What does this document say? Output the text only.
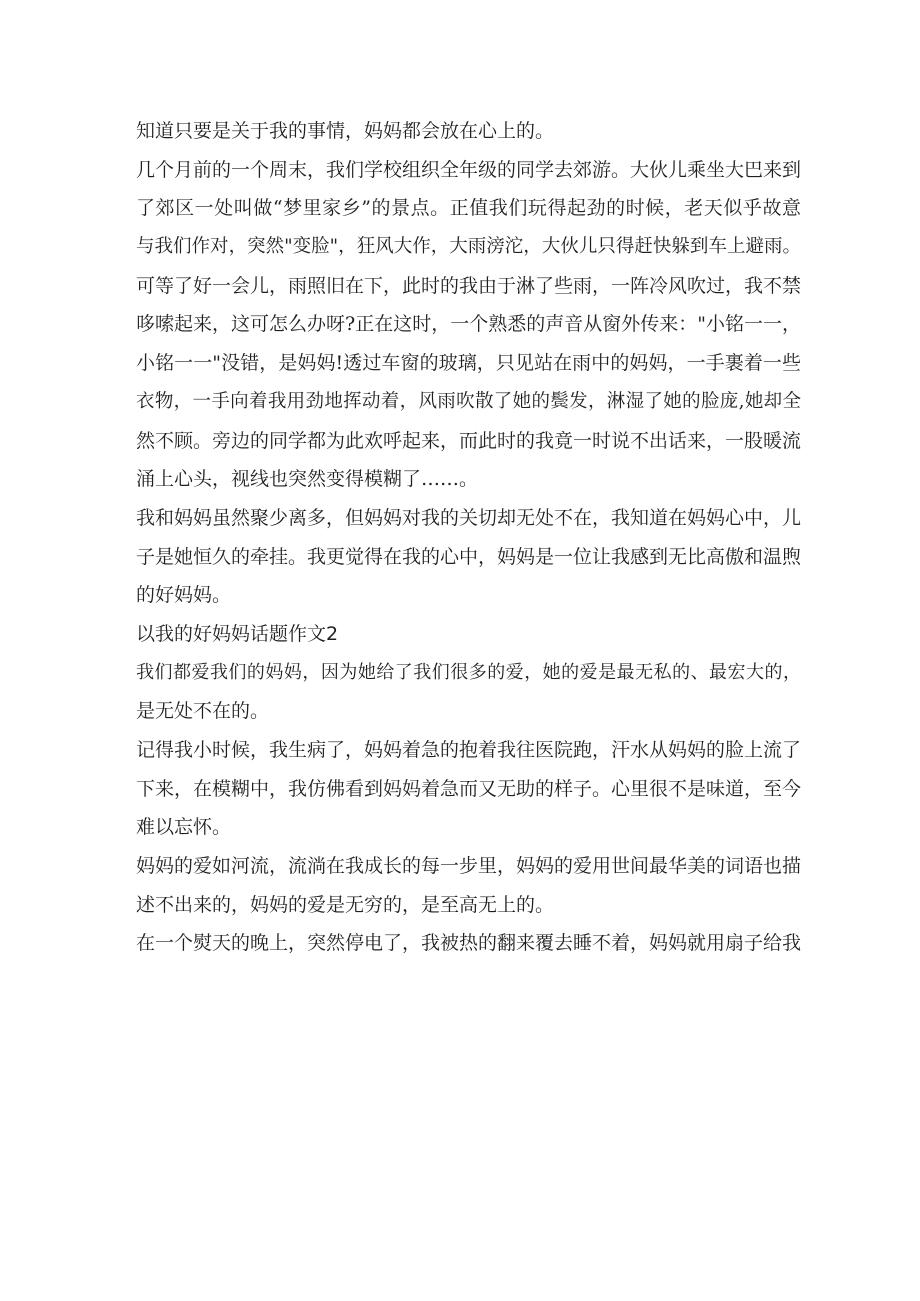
知道只要是关于我的事情，妈妈都会放在心上的。
几个月前的一个周末，我们学校组织全年级的同学去郊游。大伙儿乘坐大巴来到
了郊区一处叫做“梦里家乡”的景点。正值我们玩得起劲的时候，老天似乎故意
与我们作对，突然"变脸"，狂风大作，大雨滂沱，大伙儿只得赶快躲到车上避雨。
可等了好一会儿，雨照旧在下，此时的我由于淋了些雨，一阵冷风吹过，我不禁
哆嗦起来，这可怎么办呀?正在这时，一个熟悉的声音从窗外传来："小铭一一，
小铭一一"没错，是妈妈!透过车窗的玻璃，只见站在雨中的妈妈，一手裹着一些
衣物，一手向着我用劲地挥动着，风雨吹散了她的鬓发，淋湿了她的脸庞,她却全
然不顾。旁边的同学都为此欢呼起来，而此时的我竟一时说不出话来，一股暖流
涌上心头，视线也突然变得模糊了……。
我和妈妈虽然聚少离多，但妈妈对我的关切却无处不在，我知道在妈妈心中，儿
子是她恒久的牵挂。我更觉得在我的心中，妈妈是一位让我感到无比高傲和温煦
的好妈妈。
以我的好妈妈话题作文2
我们都爱我们的妈妈，因为她给了我们很多的爱，她的爱是最无私的、最宏大的，
是无处不在的。
记得我小时候，我生病了，妈妈着急的抱着我往医院跑，汗水从妈妈的脸上流了
下来，在模糊中，我仿佛看到妈妈着急而又无助的样子。心里很不是味道，至今
难以忘怀。
妈妈的爱如河流，流淌在我成长的每一步里，妈妈的爱用世间最华美的词语也描
述不出来的，妈妈的爱是无穷的，是至高无上的。
在一个熨天的晚上，突然停电了，我被热的翻来覆去睡不着，妈妈就用扇子给我
